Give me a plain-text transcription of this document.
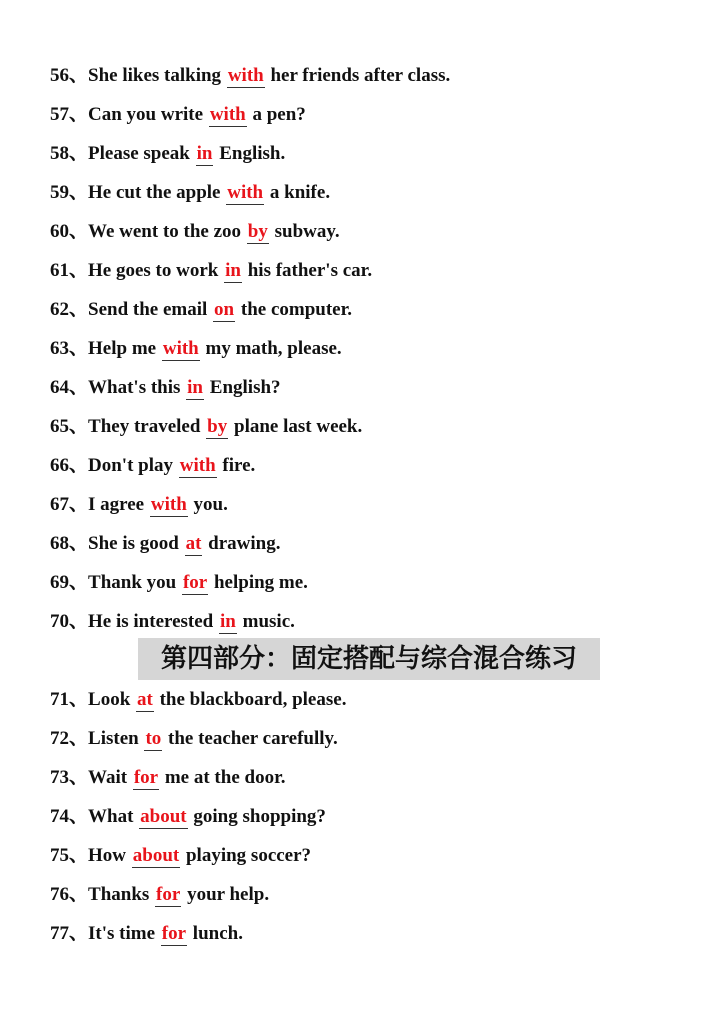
56、She likes talking with her friends after class.
57、Can you write with a pen?
58、Please speak in English.
59、He cut the apple with a knife.
60、We went to the zoo by subway.
61、He goes to work in his father's car.
62、Send the email on the computer.
63、Help me with my math, please.
64、What's this in English?
65、They traveled by plane last week.
66、Don't play with fire.
67、I agree with you.
68、She is good at drawing.
69、Thank you for helping me.
70、He is interested in music.
第四部分：固定搭配与综合混合练习
71、Look at the blackboard, please.
72、Listen to the teacher carefully.
73、Wait for me at the door.
74、What about going shopping?
75、How about playing soccer?
76、Thanks for your help.
77、It's time for lunch.
